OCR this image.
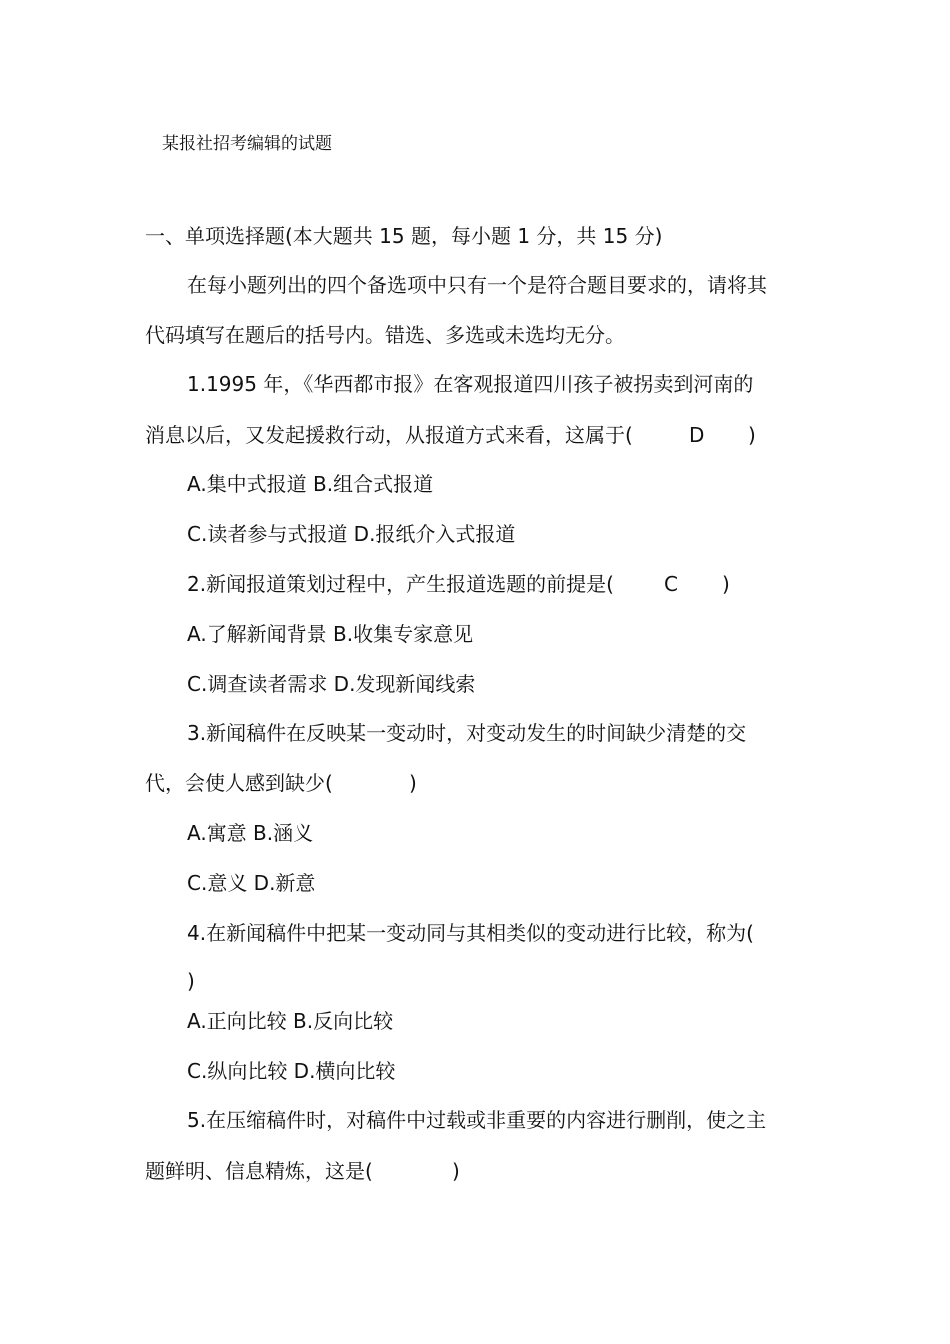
某报社招考编辑的试题
一、单项选择题(本大题共 15 题，每小题 1 分，共 15 分)
在每小题列出的四个备选项中只有一个是符合题目要求的，请将其
代码填写在题后的括号内。错选、多选或未选均无分。
1.1995 年，《华西都市报》在客观报道四川孩子被拐卖到河南的
消息以后，又发起援救行动，从报道方式来看，这属于(	D )
A.集中式报道 B.组合式报道
C.读者参与式报道 D.报纸介入式报道
2.新闻报道策划过程中，产生报道选题的前提是(	C )
A.了解新闻背景 B.收集专家意见
C.调查读者需求 D.发现新闻线索
3.新闻稿件在反映某一变动时，对变动发生的时间缺少清楚的交
代，会使人感到缺少(	)
A.寓意 B.涵义
C.意义 D.新意
4.在新闻稿件中把某一变动同与其相类似的变动进行比较，称为(
)
A.正向比较 B.反向比较
C.纵向比较 D.横向比较
5.在压缩稿件时，对稿件中过载或非重要的内容进行删削，使之主
题鲜明、信息精炼，这是(	)
